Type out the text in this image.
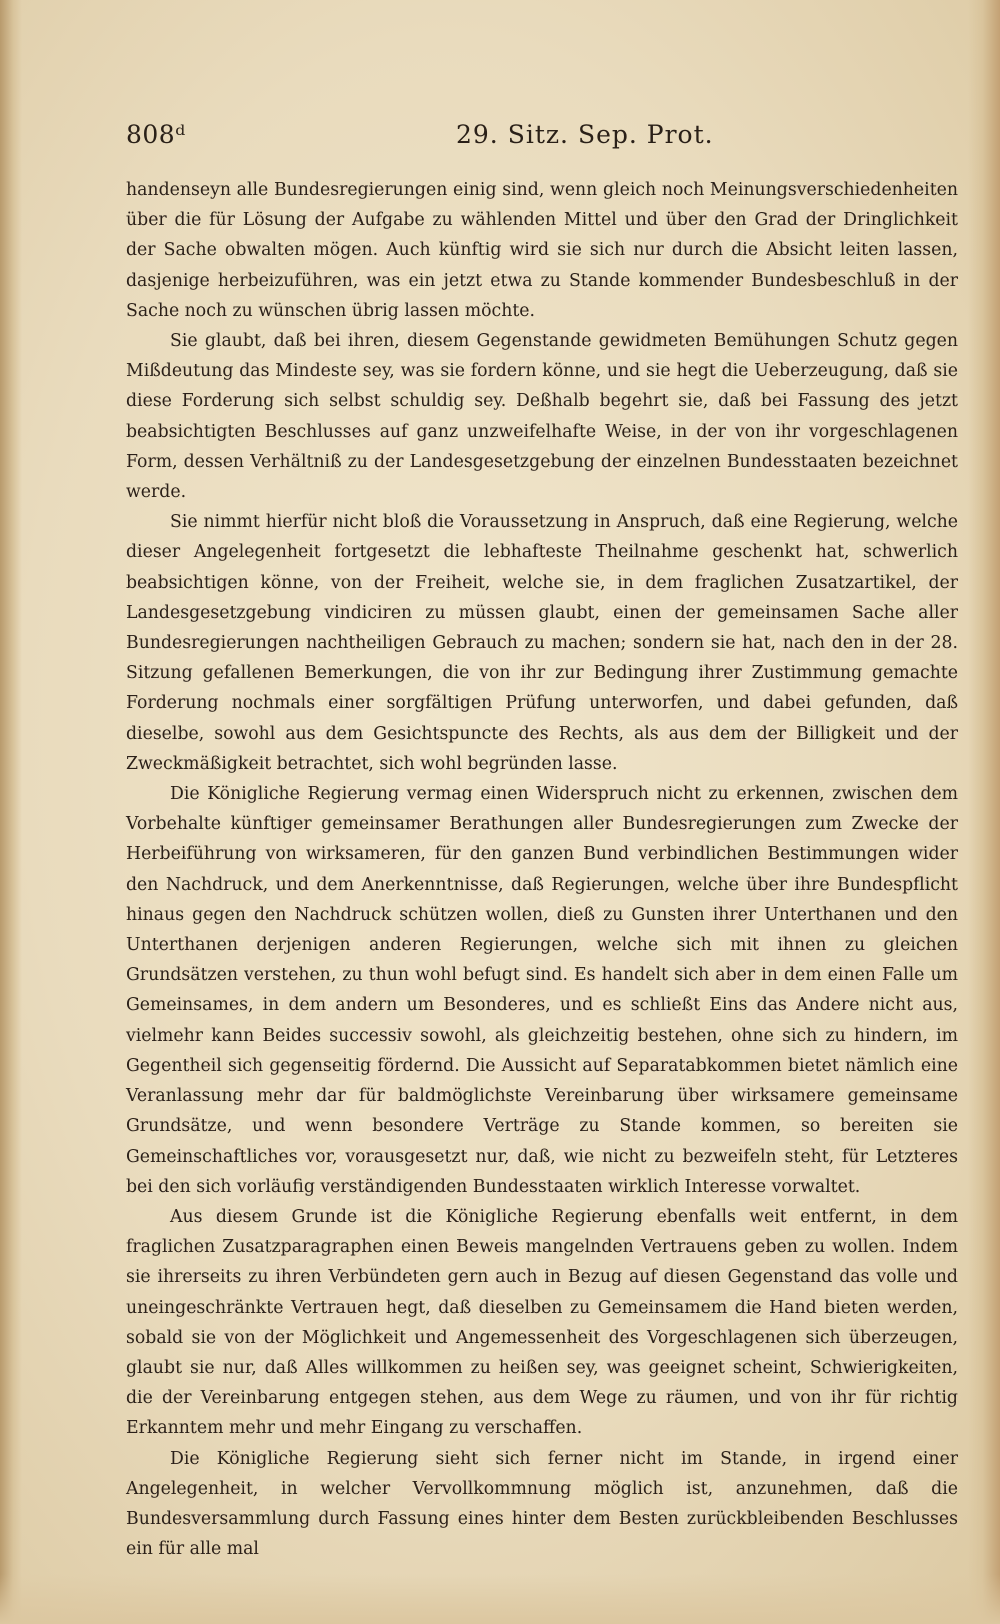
808ᵈ	29. Sitz. Sep. Prot.

handenseyn alle Bundesregierungen einig sind, wenn gleich noch Meinungsverschiedenheiten über die für Lösung der Aufgabe zu wählenden Mittel und über den Grad der Dringlichkeit der Sache obwalten mögen. Auch künftig wird sie sich nur durch die Absicht leiten lassen, dasjenige herbeizuführen, was ein jetzt etwa zu Stande kommender Bundesbeschluß in der Sache noch zu wünschen übrig lassen möchte.

Sie glaubt, daß bei ihren, diesem Gegenstande gewidmeten Bemühungen Schutz gegen Mißdeutung das Mindeste sey, was sie fordern könne, und sie hegt die Ueberzeugung, daß sie diese Forderung sich selbst schuldig sey. Deßhalb begehrt sie, daß bei Fassung des jetzt beabsichtigten Beschlusses auf ganz unzweifelhafte Weise, in der von ihr vorgeschlagenen Form, dessen Verhältniß zu der Landesgesetzgebung der einzelnen Bundesstaaten bezeichnet werde.

Sie nimmt hierfür nicht bloß die Voraussetzung in Anspruch, daß eine Regierung, welche dieser Angelegenheit fortgesetzt die lebhafteste Theilnahme geschenkt hat, schwerlich beabsichtigen könne, von der Freiheit, welche sie, in dem fraglichen Zusatzartikel, der Landesgesetzgebung vindiciren zu müssen glaubt, einen der gemeinsamen Sache aller Bundesregierungen nachtheiligen Gebrauch zu machen; sondern sie hat, nach den in der 28. Sitzung gefallenen Bemerkungen, die von ihr zur Bedingung ihrer Zustimmung gemachte Forderung nochmals einer sorgfältigen Prüfung unterworfen, und dabei gefunden, daß dieselbe, sowohl aus dem Gesichtspuncte des Rechts, als aus dem der Billigkeit und der Zweckmäßigkeit betrachtet, sich wohl begründen lasse.

Die Königliche Regierung vermag einen Widerspruch nicht zu erkennen, zwischen dem Vorbehalte künftiger gemeinsamer Berathungen aller Bundesregierungen zum Zwecke der Herbeiführung von wirksameren, für den ganzen Bund verbindlichen Bestimmungen wider den Nachdruck, und dem Anerkenntnisse, daß Regierungen, welche über ihre Bundespflicht hinaus gegen den Nachdruck schützen wollen, dieß zu Gunsten ihrer Unterthanen und den Unterthanen derjenigen anderen Regierungen, welche sich mit ihnen zu gleichen Grundsätzen verstehen, zu thun wohl befugt sind. Es handelt sich aber in dem einen Falle um Gemeinsames, in dem andern um Besonderes, und es schließt Eins das Andere nicht aus, vielmehr kann Beides successiv sowohl, als gleichzeitig bestehen, ohne sich zu hindern, im Gegentheil sich gegenseitig fördernd. Die Aussicht auf Separatabkommen bietet nämlich eine Veranlassung mehr dar für baldmöglichste Vereinbarung über wirksamere gemeinsame Grundsätze, und wenn besondere Verträge zu Stande kommen, so bereiten sie Gemeinschaftliches vor, vorausgesetzt nur, daß, wie nicht zu bezweifeln steht, für Letzteres bei den sich vorläufig verständigenden Bundesstaaten wirklich Interesse vorwaltet.

Aus diesem Grunde ist die Königliche Regierung ebenfalls weit entfernt, in dem fraglichen Zusatzparagraphen einen Beweis mangelnden Vertrauens geben zu wollen. Indem sie ihrerseits zu ihren Verbündeten gern auch in Bezug auf diesen Gegenstand das volle und uneingeschränkte Vertrauen hegt, daß dieselben zu Gemeinsamem die Hand bieten werden, sobald sie von der Möglichkeit und Angemessenheit des Vorgeschlagenen sich überzeugen, glaubt sie nur, daß Alles willkommen zu heißen sey, was geeignet scheint, Schwierigkeiten, die der Vereinbarung entgegen stehen, aus dem Wege zu räumen, und von ihr für richtig Erkanntem mehr und mehr Eingang zu verschaffen.

Die Königliche Regierung sieht sich ferner nicht im Stande, in irgend einer Angelegenheit, in welcher Vervollkommnung möglich ist, anzunehmen, daß die Bundesversammlung durch Fassung eines hinter dem Besten zurückbleibenden Beschlusses ein für alle mal
